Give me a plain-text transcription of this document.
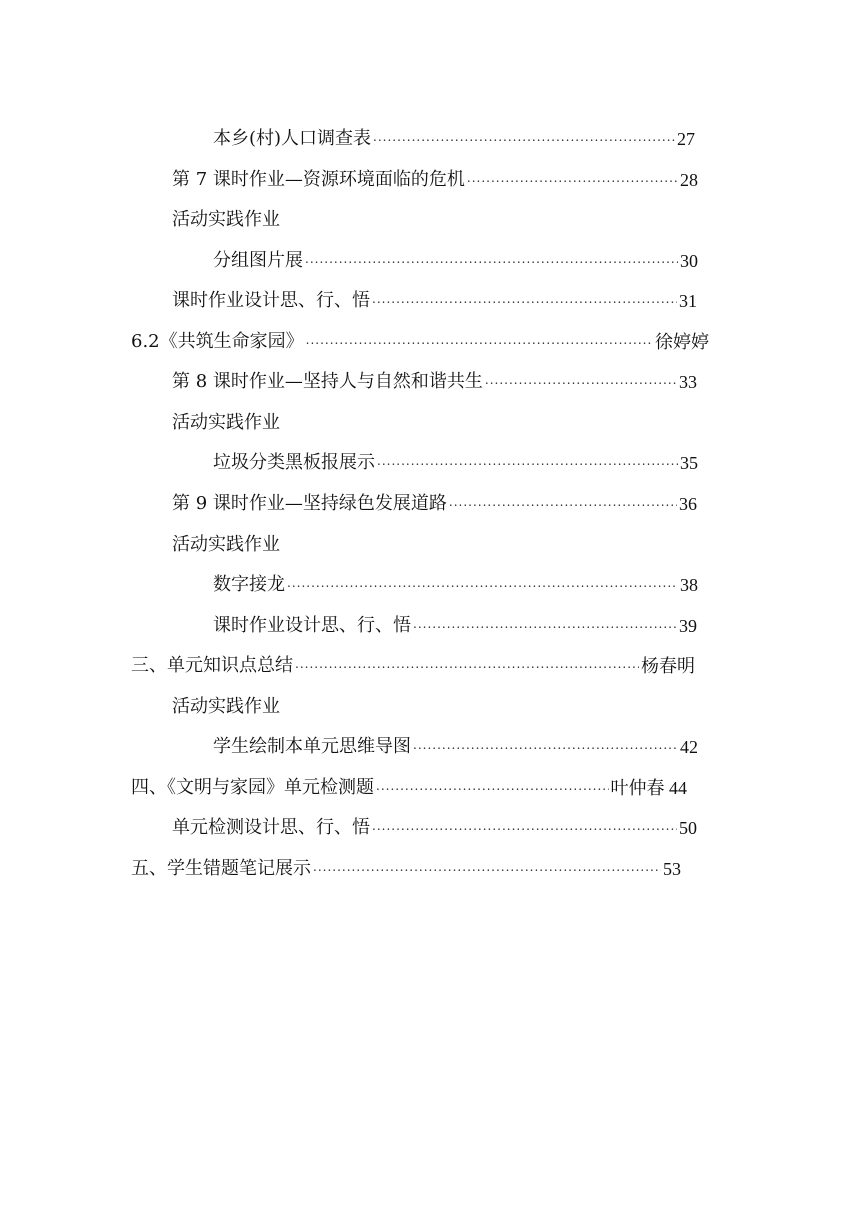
本乡(村)人口调查表 .....	27
第 7 课时作业—资源环境面临的危机 .....	28
活动实践作业
分组图片展 .....	30
课时作业设计思、行、悟 .....	31
6.2《共筑生命家园》 .....	徐婷婷
第 8 课时作业—坚持人与自然和谐共生 .....	33
活动实践作业
垃圾分类黑板报展示 .....	35
第 9 课时作业—坚持绿色发展道路 .....	36
活动实践作业
数字接龙 .....	38
课时作业设计思、行、悟 .....	39
三、单元知识点总结 .....	杨春明
活动实践作业
学生绘制本单元思维导图 .....	42
四、《文明与家园》单元检测题 .....	叶仲春 44
单元检测设计思、行、悟 .....	50
五、学生错题笔记展示 .....	53
